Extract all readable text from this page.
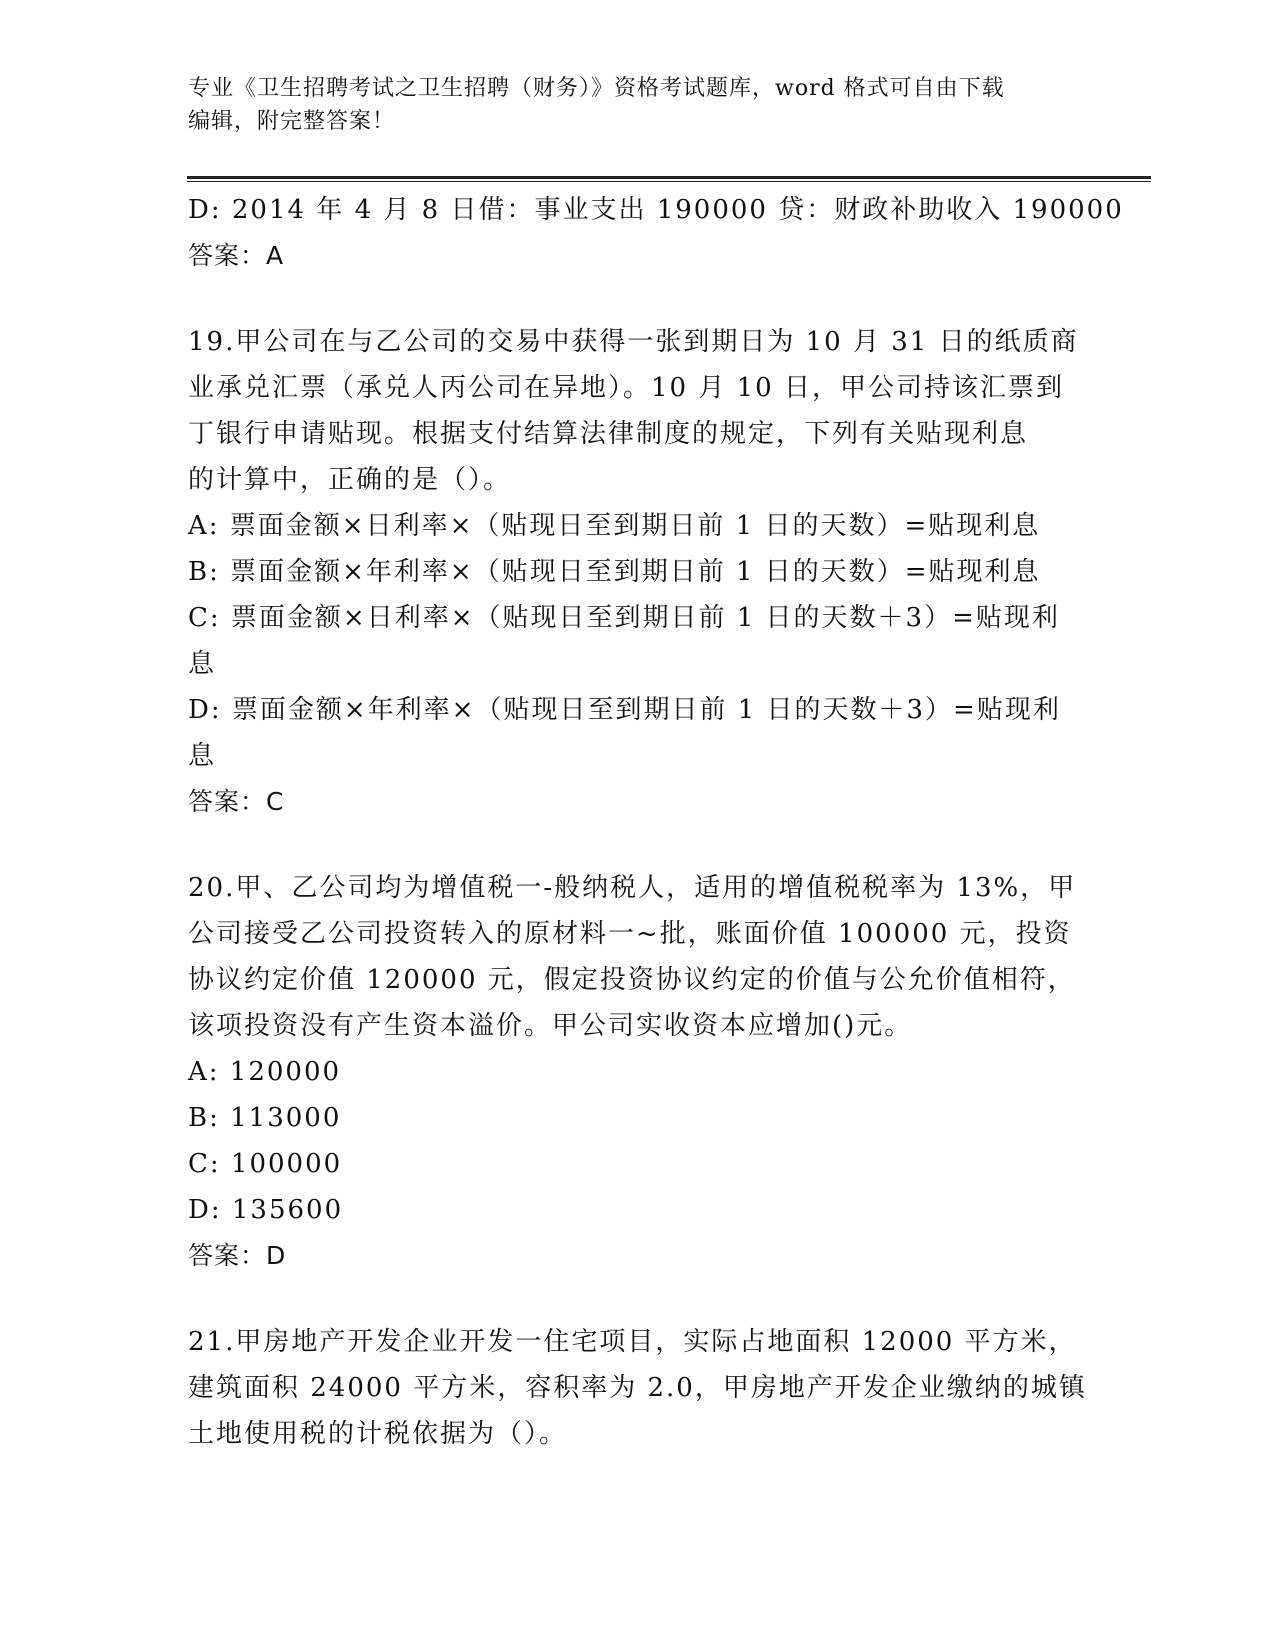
专业《卫生招聘考试之卫生招聘（财务）》资格考试题库，word 格式可自由下载
编辑，附完整答案！
D: 2014 年 4 月 8 日借：事业支出 190000 贷：财政补助收入 190000
答案：A
19.甲公司在与乙公司的交易中获得一张到期日为 10 月 31 日的纸质商
业承兑汇票（承兑人丙公司在异地）。10 月 10 日，甲公司持该汇票到
丁银行申请贴现。根据支付结算法律制度的规定，下列有关贴现利息
的计算中，正确的是（）。
A: 票面金额×日利率×（贴现日至到期日前 1 日的天数）=贴现利息
B: 票面金额×年利率×（贴现日至到期日前 1 日的天数）=贴现利息
C: 票面金额×日利率×（贴现日至到期日前 1 日的天数＋3）=贴现利
息
D: 票面金额×年利率×（贴现日至到期日前 1 日的天数＋3）=贴现利
息
答案：C
20.甲、乙公司均为增值税一-般纳税人，适用的增值税税率为 13%，甲
公司接受乙公司投资转入的原材料一~批，账面价值 100000 元，投资
协议约定价值 120000 元，假定投资协议约定的价值与公允价值相符，
该项投资没有产生资本溢价。甲公司实收资本应增加()元。
A: 120000
B: 113000
C: 100000
D: 135600
答案：D
21.甲房地产开发企业开发一住宅项目，实际占地面积 12000 平方米，
建筑面积 24000 平方米，容积率为 2.0，甲房地产开发企业缴纳的城镇
土地使用税的计税依据为（）。
